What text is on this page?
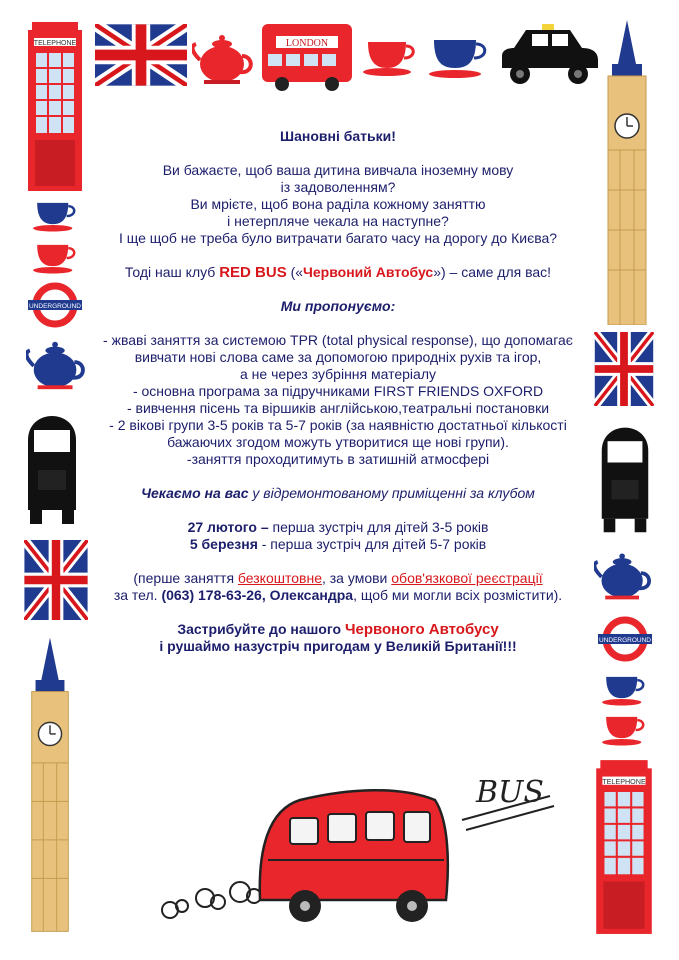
TELEPHONE	LONDON
UNDERGROUND
UNDERGROUND
TELEPHONE
BUS

Шановні батьки!

Ви бажаєте, щоб ваша дитина вивчала іноземну мову

із задоволенням?

Ви мрієте, щоб вона раділа кожному заняттю

і нетерпляче чекала на наступне?

І ще щоб не треба було витрачати багато часу на дорогу до Києва?

Тоді наш клуб RED BUS («Червоний Автобус») – саме для вас!

Ми пропонуємо:

- жваві заняття за системою TPR (total physical response), що допомагає

вивчати нові слова саме за допомогою природніх рухів та ігор,

а не через зубріння матеріалу

- основна програма за підручниками FIRST FRIENDS OXFORD

- вивчення пісень та віршиків англійською,театральні постановки

- 2 вікові групи 3-5 років та 5-7 років (за наявністю достатньої кількості

бажаючих згодом можуть утворитися ще нові групи).

-заняття проходитимуть в затишній атмосфері

Чекаємо на вас у відремонтованому приміщенні за клубом

27 лютого – перша зустріч для дітей 3-5 років

5 березня - перша зустріч для дітей 5-7 років

(перше заняття безкоштовне, за умови обов'язкової реєстрації

за тел. (063) 178-63-26, Олександра, щоб ми могли всіх розмістити).

Застрибуйте до нашого Червоного Автобусу

і рушаймо назустріч пригодам у Великій Британії!!!
